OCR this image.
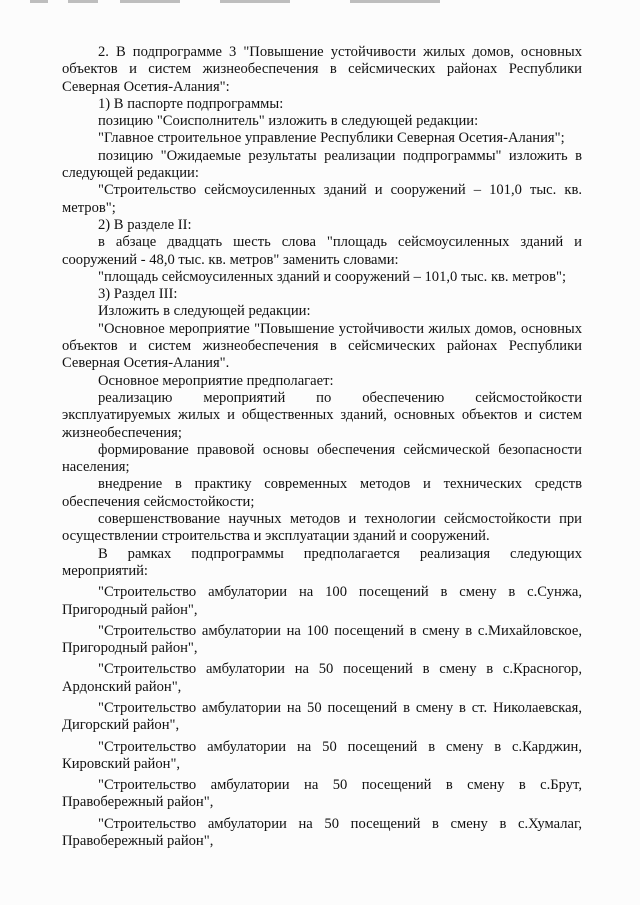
2. В подпрограмме 3 "Повышение устойчивости жилых домов, основных объектов и систем жизнеобеспечения в сейсмических районах Республики Северная Осетия-Алания":

1) В паспорте подпрограммы:

позицию "Соисполнитель" изложить в следующей редакции:

"Главное строительное управление Республики Северная Осетия-Алания";

позицию "Ожидаемые результаты реализации подпрограммы" изложить в следующей редакции:

"Строительство сейсмоусиленных зданий и сооружений – 101,0 тыс. кв. метров";

2) В разделе II:

в абзаце двадцать шесть слова "площадь сейсмоусиленных зданий и сооружений - 48,0 тыс. кв. метров" заменить словами:

"площадь сейсмоусиленных зданий и сооружений – 101,0 тыс. кв. метров";

3) Раздел III:

Изложить в следующей редакции:

"Основное мероприятие "Повышение устойчивости жилых домов, основных объектов и систем жизнеобеспечения в сейсмических районах Республики Северная Осетия-Алания".

Основное мероприятие предполагает:

реализацию мероприятий по обеспечению сейсмостойкости эксплуатируемых жилых и общественных зданий, основных объектов и систем жизнеобеспечения;

формирование правовой основы обеспечения сейсмической безопасности населения;

внедрение в практику современных методов и технических средств обеспечения сейсмостойкости;

совершенствование научных методов и технологии сейсмостойкости при осуществлении строительства и эксплуатации зданий и сооружений.

В рамках подпрограммы предполагается реализация следующих мероприятий:

"Строительство амбулатории на 100 посещений в смену в с.Сунжа, Пригородный район",

"Строительство амбулатории на 100 посещений в смену в с.Михайловское, Пригородный район",

"Строительство амбулатории на 50 посещений в смену в с.Красногор, Ардонский район",

"Строительство амбулатории на 50 посещений в смену в ст. Николаевская, Дигорский район",

"Строительство амбулатории на 50 посещений в смену в с.Карджин, Кировский район",

"Строительство амбулатории на 50 посещений в смену в с.Брут, Правобережный район",

"Строительство амбулатории на 50 посещений в смену в с.Хумалаг, Правобережный район",
